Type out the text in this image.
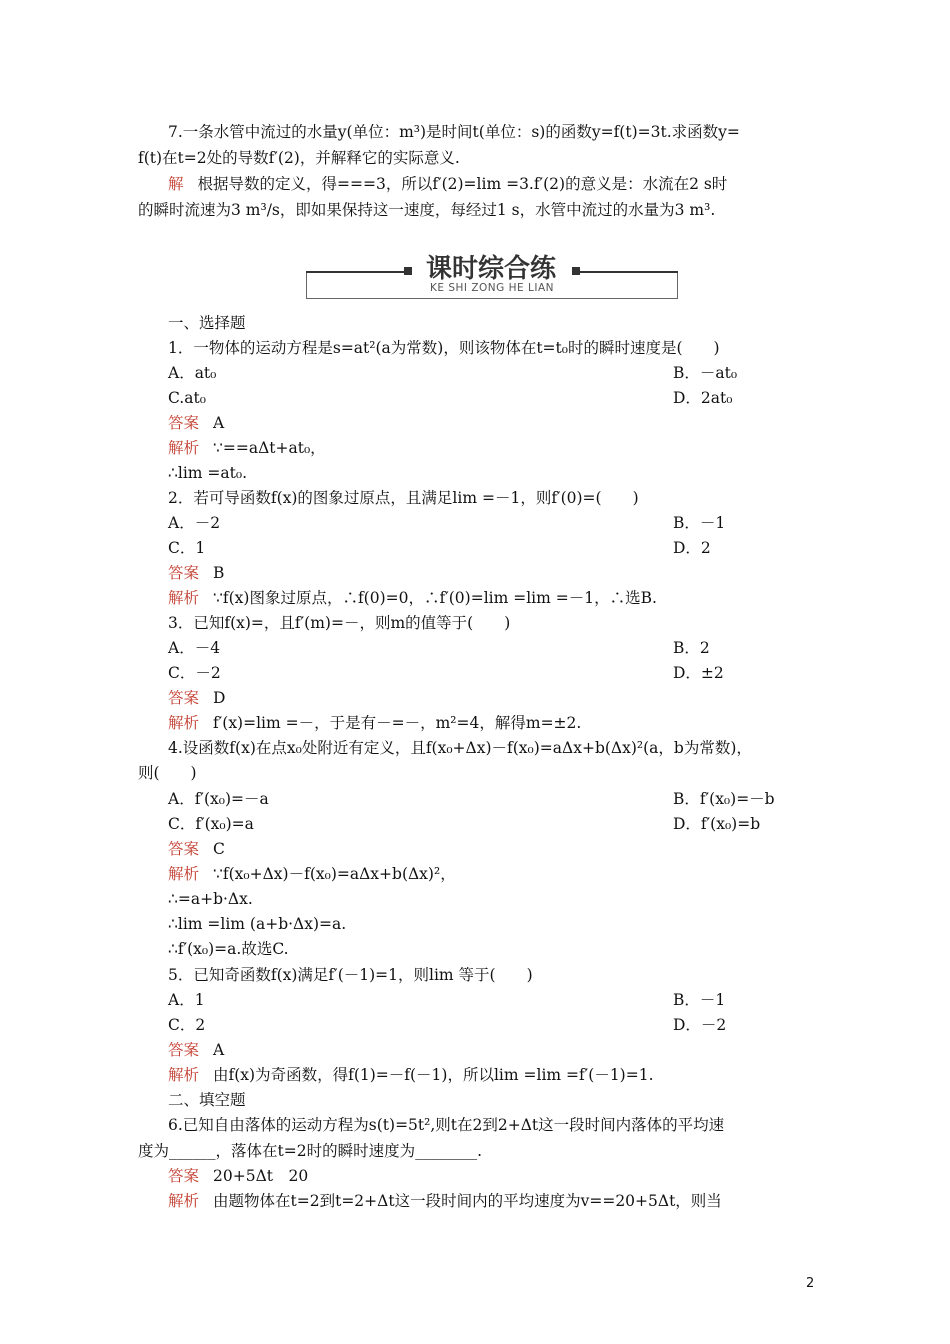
7.一条水管中流过的水量y(单位：m³)是时间t(单位：s)的函数y=f(t)=3t.求函数y=
f(t)在t=2处的导数f′(2)，并解释它的实际意义.
解 根据导数的定义，得===3，所以f′(2)=lim =3.f′(2)的意义是：水流在2 s时
的瞬时流速为3 m³/s，即如果保持这一速度，每经过1 s，水管中流过的水量为3 m³.
课时综合练
KE SHI ZONG HE LIAN
一、选择题
1．一物体的运动方程是s=at²(a为常数)，则该物体在t=t₀时的瞬时速度是(　　)
A．at₀	B．－at₀
C.at₀	D．2at₀
答案 A
解析 ∵==aΔt+at₀，
∴lim =at₀.
2．若可导函数f(x)的图象过原点，且满足lim =－1，则f′(0)=(　　)
A．－2	B．－1
C．1	D．2
答案 B
解析 ∵f(x)图象过原点，∴f(0)=0，∴f′(0)=lim =lim =－1，∴选B.
3．已知f(x)=，且f′(m)=－，则m的值等于(　　)
A．－4	B．2
C．－2	D．±2
答案 D
解析 f′(x)=lim =－，于是有－=－，m²=4，解得m=±2.
4.设函数f(x)在点x₀处附近有定义，且f(x₀+Δx)－f(x₀)=aΔx+b(Δx)²(a，b为常数)，
则(　　)
A．f′(x₀)=－a	B．f′(x₀)=－b
C．f′(x₀)=a	D．f′(x₀)=b
答案 C
解析 ∵f(x₀+Δx)－f(x₀)=aΔx+b(Δx)²，
∴=a+b·Δx.
∴lim =lim (a+b·Δx)=a.
∴f′(x₀)=a.故选C.
5．已知奇函数f(x)满足f′(－1)=1，则lim 等于(　　)
A．1	B．－1
C．2	D．－2
答案 A
解析 由f(x)为奇函数，得f(1)=－f(－1)，所以lim =lim =f′(－1)=1.
二、填空题
6.已知自由落体的运动方程为s(t)=5t²,则t在2到2+Δt这一段时间内落体的平均速
度为______，落体在t=2时的瞬时速度为________.
答案 20+5Δt　20
解析 由题物体在t=2到t=2+Δt这一段时间内的平均速度为v==20+5Δt，则当
2
